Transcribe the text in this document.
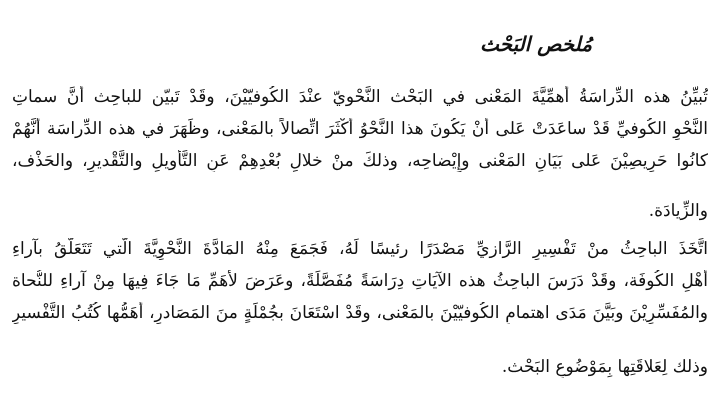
مُلخص البَحْث
تُبيِّنُ هذه الدِّراسَةُ أَهمِّيَّةَ المَعْنى في البَحْث النَّحْويّ عنْدَ الكُوفيّيْنَ، وقَدْ تَبيّن للباحِث أَنَّ سماتِ
النَّحْوِ الكُوفيِّ قَدْ ساعَدَتْ عَلى أَنْ يَكُونَ هذا النَّحْوُ أَكْثَرَ اتِّصالاً بالمَعْنى، وظَهَرَ في هذه الدِّراسَة أَنَّهُمْ
كانُوا حَرِيصِيْنَ عَلى بَيَانِ المَعْنى وإِيْضاحِه، وذلكَ منْ خلالِ بُعْدِهِمْ عَنِ التَّأويلِ والتَّقْديرِ، والحَذْف،
والزِّيادَة.
اتَّخَذَ الباحِثُ منْ تَفْسِيرِ الرَّازيِّ مَصْدَرًا رئيسًا لَهُ، فَجَمَعَ مِنْهُ المَادَّةَ النَّحْوِيَّةَ الَّتي تَتَعَلَّقُ بآراءِ
أَهْلِ الكُوفَة، وقَدْ دَرَسَ الباحِثُ هذه الآيَاتِ دِرَاسَةً مُفَصَّلَةً، وعَرَضَ لأَهَمِّ مَا جَاءَ فِيهَا مِنْ آراءِ للنُّحاة
والمُفَسِّرِيْنَ وبَيَّنَ مَدَى اهتمامِ الكُوفيّيْنَ بالمَعْنى، وقَدْ اسْتَعَانَ بجُمْلَةٍ منَ المَصَادرِ، أَهَمُّها كُتُبُ التَّفْسيرِ
وذلك لِعَلاقَتِها بِمَوْضُوعِ البَحْث.
